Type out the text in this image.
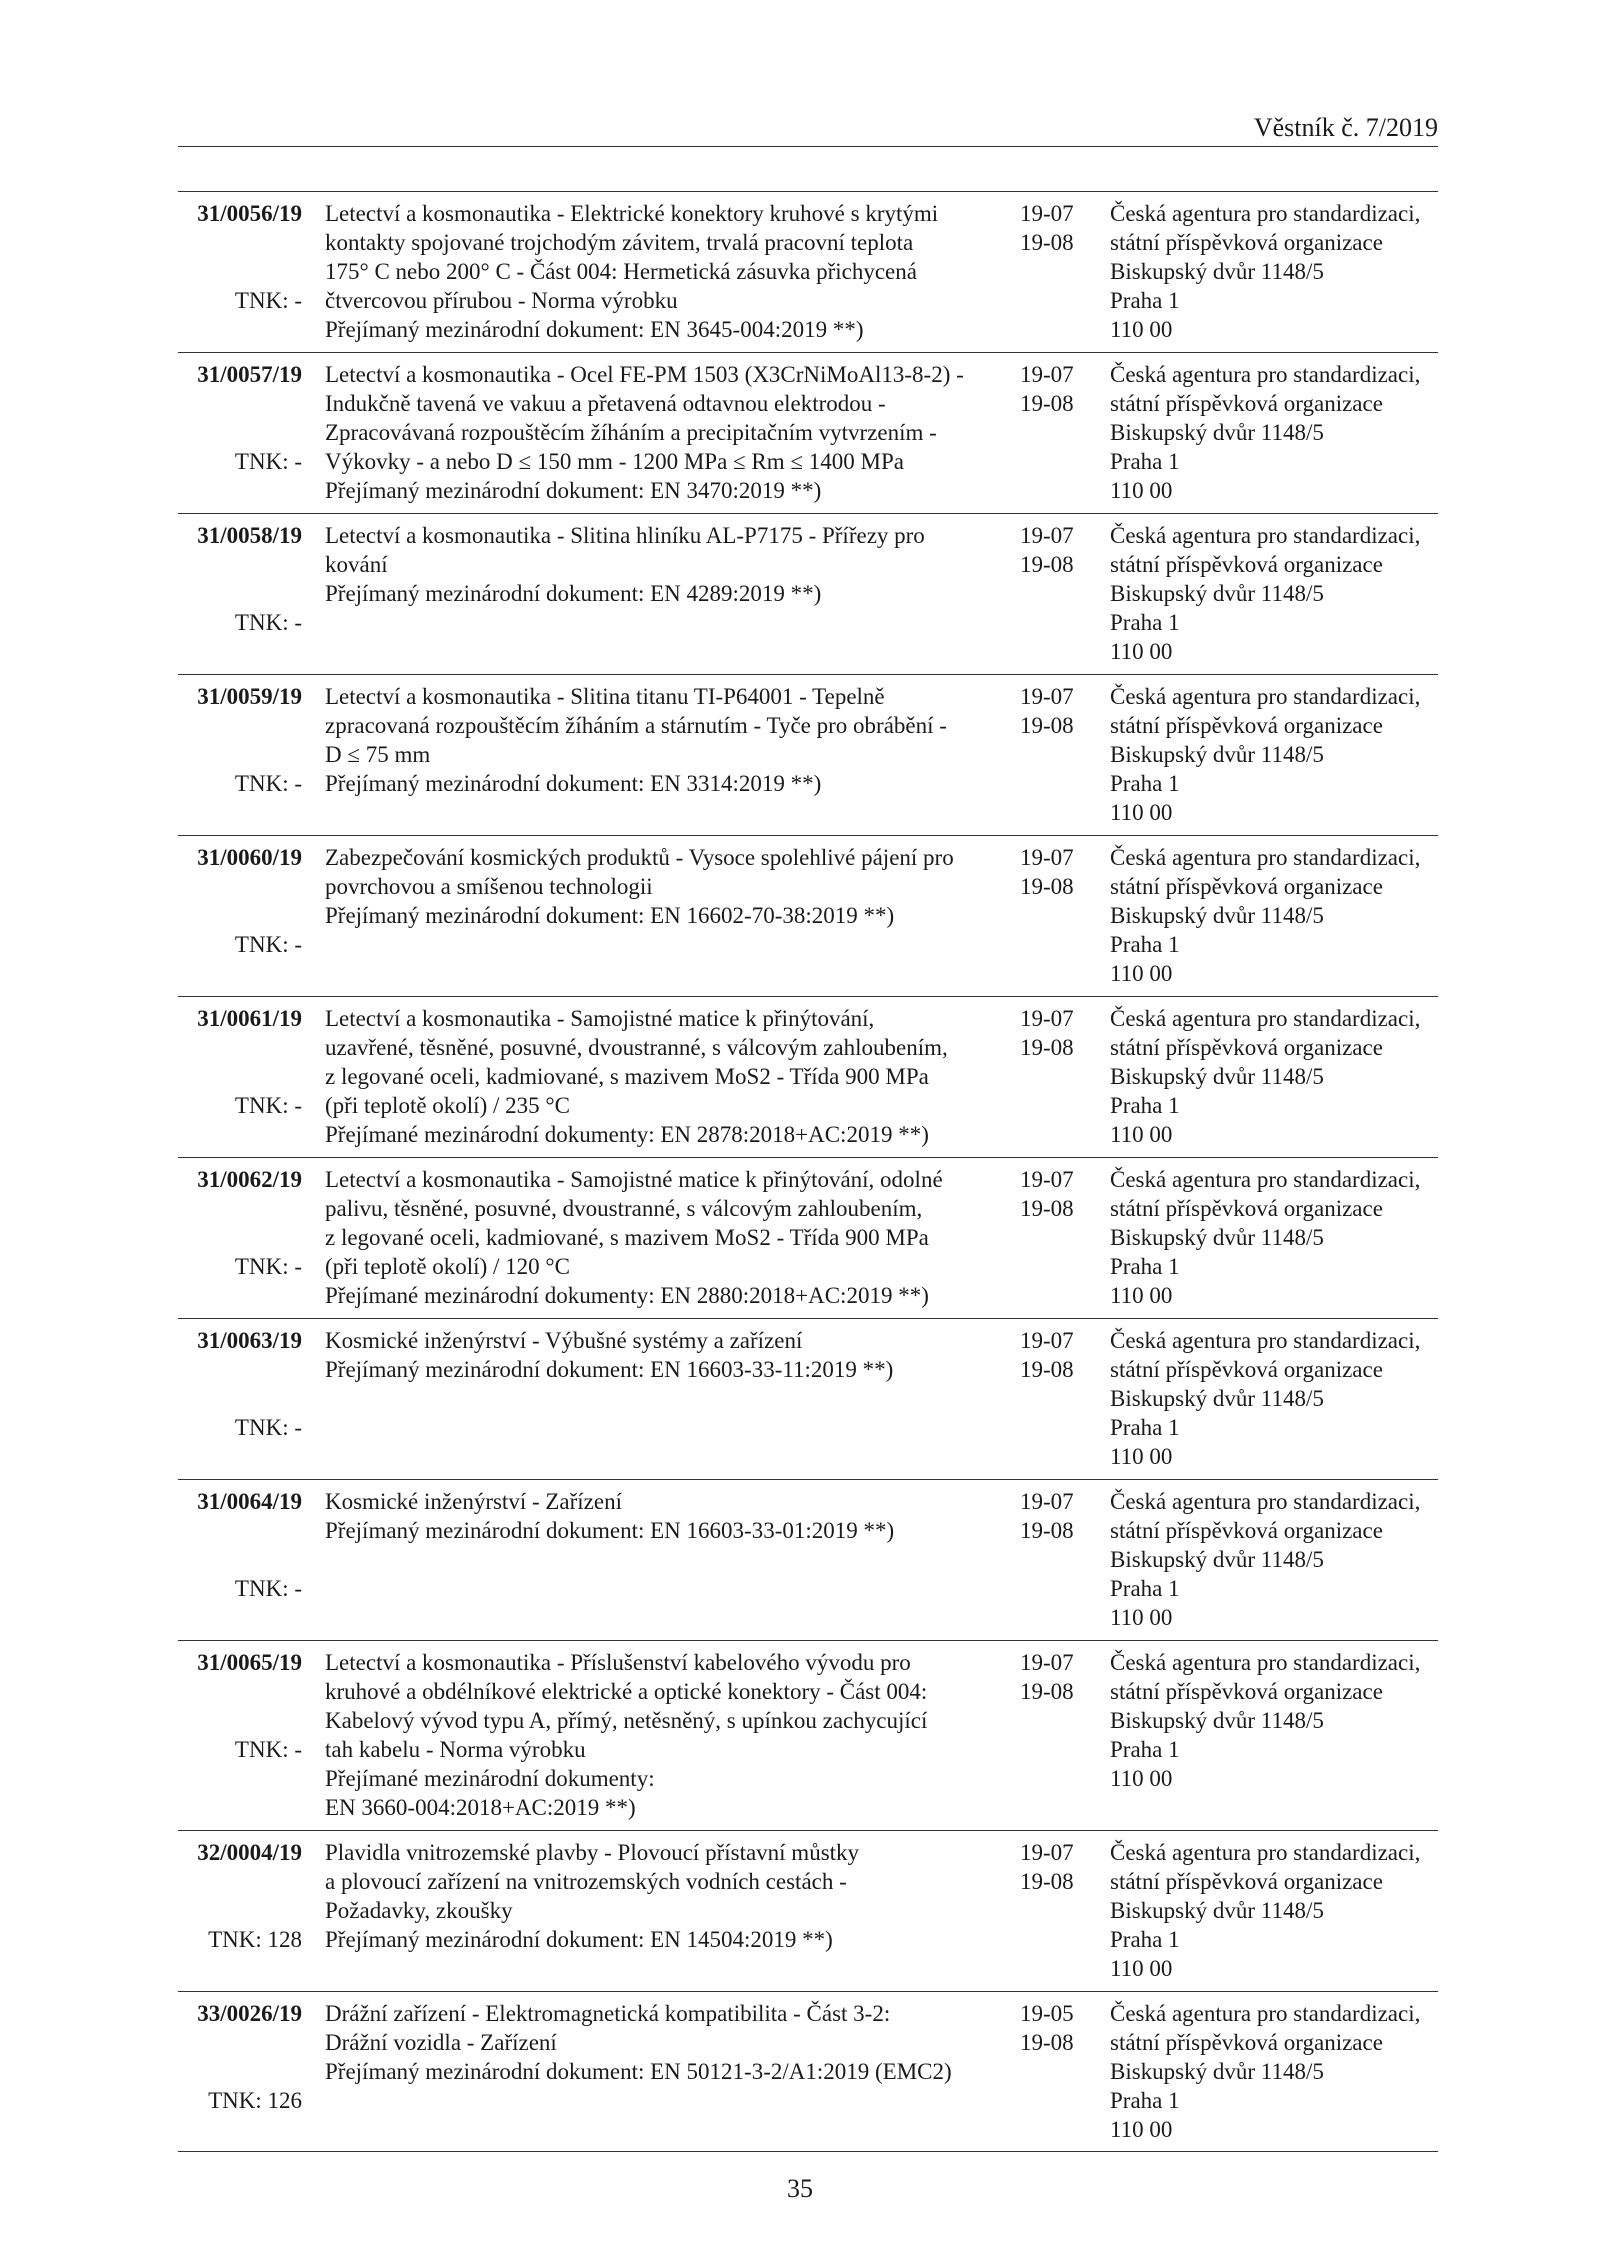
Věstník č. 7/2019
31/0056/19
TNK: -
Letectví a kosmonautika - Elektrické konektory kruhové s krytými
kontakty spojované trojchodým závitem, trvalá pracovní teplota
175° C nebo 200° C - Část 004: Hermetická zásuvka přichycená
čtvercovou přírubou - Norma výrobku
Přejímaný mezinárodní dokument: EN 3645-004:2019 **)
19-07
19-08
Česká agentura pro standardizaci,
státní příspěvková organizace
Biskupský dvůr 1148/5
Praha 1
110 00
31/0057/19
TNK: -
Letectví a kosmonautika - Ocel FE-PM 1503 (X3CrNiMoAl13-8-2) -
Indukčně tavená ve vakuu a přetavená odtavnou elektrodou -
Zpracovávaná rozpouštěcím žíháním a precipitačním vytvrzením -
Výkovky - a nebo D ≤ 150 mm - 1200 MPa ≤ Rm ≤ 1400 MPa
Přejímaný mezinárodní dokument: EN 3470:2019 **)
19-07
19-08
Česká agentura pro standardizaci,
státní příspěvková organizace
Biskupský dvůr 1148/5
Praha 1
110 00
31/0058/19
TNK: -
Letectví a kosmonautika - Slitina hliníku AL-P7175 - Přířezy pro
kování
Přejímaný mezinárodní dokument: EN 4289:2019 **)
19-07
19-08
Česká agentura pro standardizaci,
státní příspěvková organizace
Biskupský dvůr 1148/5
Praha 1
110 00
31/0059/19
TNK: -
Letectví a kosmonautika - Slitina titanu TI-P64001 - Tepelně
zpracovaná rozpouštěcím žíháním a stárnutím - Tyče pro obrábění -
D ≤ 75 mm
Přejímaný mezinárodní dokument: EN 3314:2019 **)
19-07
19-08
Česká agentura pro standardizaci,
státní příspěvková organizace
Biskupský dvůr 1148/5
Praha 1
110 00
31/0060/19
TNK: -
Zabezpečování kosmických produktů - Vysoce spolehlivé pájení pro
povrchovou a smíšenou technologii
Přejímaný mezinárodní dokument: EN 16602-70-38:2019 **)
19-07
19-08
Česká agentura pro standardizaci,
státní příspěvková organizace
Biskupský dvůr 1148/5
Praha 1
110 00
31/0061/19
TNK: -
Letectví a kosmonautika - Samojistné matice k přinýtování,
uzavřené, těsněné, posuvné, dvoustranné, s válcovým zahloubením,
z legované oceli, kadmiované, s mazivem MoS2 - Třída 900 MPa
(při teplotě okolí) / 235 °C
Přejímané mezinárodní dokumenty: EN 2878:2018+AC:2019 **)
19-07
19-08
Česká agentura pro standardizaci,
státní příspěvková organizace
Biskupský dvůr 1148/5
Praha 1
110 00
31/0062/19
TNK: -
Letectví a kosmonautika - Samojistné matice k přinýtování, odolné
palivu, těsněné, posuvné, dvoustranné, s válcovým zahloubením,
z legované oceli, kadmiované, s mazivem MoS2 - Třída 900 MPa
(při teplotě okolí) / 120 °C
Přejímané mezinárodní dokumenty: EN 2880:2018+AC:2019 **)
19-07
19-08
Česká agentura pro standardizaci,
státní příspěvková organizace
Biskupský dvůr 1148/5
Praha 1
110 00
31/0063/19
TNK: -
Kosmické inženýrství - Výbušné systémy a zařízení
Přejímaný mezinárodní dokument: EN 16603-33-11:2019 **)
19-07
19-08
Česká agentura pro standardizaci,
státní příspěvková organizace
Biskupský dvůr 1148/5
Praha 1
110 00
31/0064/19
TNK: -
Kosmické inženýrství - Zařízení
Přejímaný mezinárodní dokument: EN 16603-33-01:2019 **)
19-07
19-08
Česká agentura pro standardizaci,
státní příspěvková organizace
Biskupský dvůr 1148/5
Praha 1
110 00
31/0065/19
TNK: -
Letectví a kosmonautika - Příslušenství kabelového vývodu pro
kruhové a obdélníkové elektrické a optické konektory - Část 004:
Kabelový vývod typu A, přímý, netěsněný, s upínkou zachycující
tah kabelu - Norma výrobku
Přejímané mezinárodní dokumenty:
EN 3660-004:2018+AC:2019 **)
19-07
19-08
Česká agentura pro standardizaci,
státní příspěvková organizace
Biskupský dvůr 1148/5
Praha 1
110 00
32/0004/19
TNK: 128
Plavidla vnitrozemské plavby - Plovoucí přístavní můstky
a plovoucí zařízení na vnitrozemských vodních cestách -
Požadavky, zkoušky
Přejímaný mezinárodní dokument: EN 14504:2019 **)
19-07
19-08
Česká agentura pro standardizaci,
státní příspěvková organizace
Biskupský dvůr 1148/5
Praha 1
110 00
33/0026/19
TNK: 126
Drážní zařízení - Elektromagnetická kompatibilita - Část 3-2:
Drážní vozidla - Zařízení
Přejímaný mezinárodní dokument: EN 50121-3-2/A1:2019 (EMC2)
19-05
19-08
Česká agentura pro standardizaci,
státní příspěvková organizace
Biskupský dvůr 1148/5
Praha 1
110 00
35
